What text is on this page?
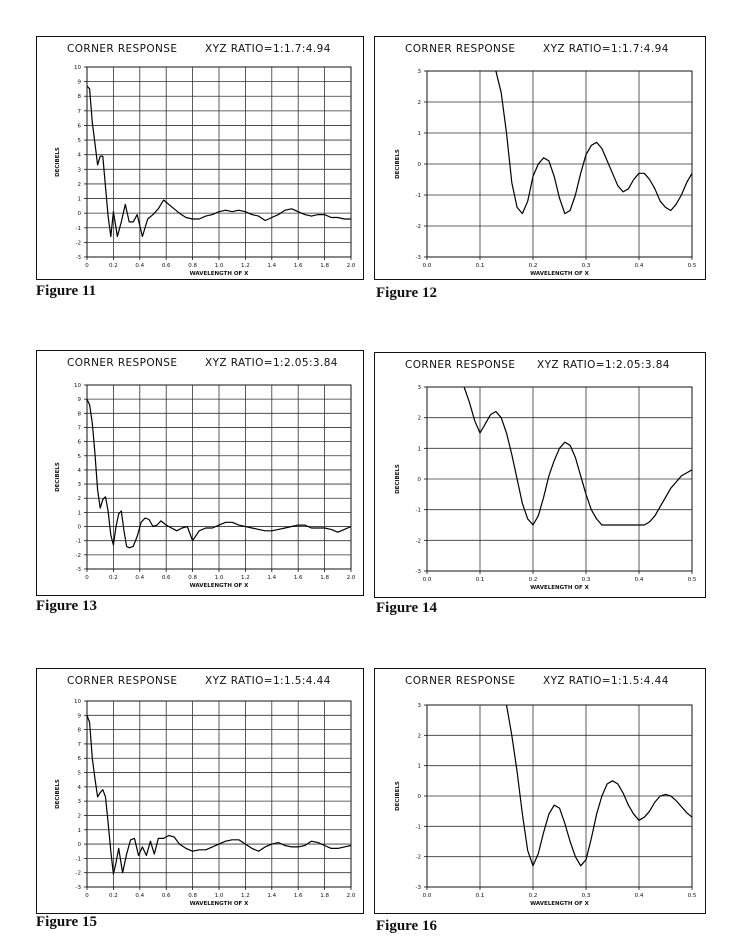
CORNER RESPONSE	XYZ RATIO=1:1.7:4.94
-3
-2
-1
0
1
2
3
4
5
6
7
8
9
10
0	0.2	0.4	0.6	0.8	1.0	1.2	1.4	1.6	1.8	2.0
WAVELENGTH OF X
DECIBELS
Figure 11
CORNER RESPONSE	XYZ RATIO=1:1.7:4.94
-3
-2
-1
0
1
2
3
0.0	0.1	0.2	0.3	0.4	0.5
WAVELENGTH OF X
DECIBELS
Figure 12
CORNER RESPONSE	XYZ RATIO=1:2.05:3.84
-3
-2
-1
0
1
2
3
4
5
6
7
8
9
10
0	0.2	0.4	0.6	0.8	1.0	1.2	1.4	1.6	1.8	2.0
WAVELENGTH OF X
DECIBELS
Figure 13
CORNER RESPONSE XYZ RATIO=1:2.05:3.84
-3
-2
-1
0
1
2
3
0.0	0.1	0.2	0.3	0.4	0.5
WAVELENGTH OF X
DECIBELS
Figure 14
CORNER RESPONSE	XYZ RATIO=1:1.5:4.44
-3
-2
-1
0
1
2
3
4
5
6
7
8
9
10
0	0.2	0.4	0.6	0.8	1.0	1.2	1.4	1.6	1.8	2.0
WAVELENGTH OF X
DECIBELS
Figure 15
CORNER RESPONSE	XYZ RATIO=1:1.5:4.44
-3
-2
-1
0
1
2
3
0.0	0.1	0.2	0.3	0.4	0.5
WAVELENGTH OF X
DECIBELS
Figure 16
